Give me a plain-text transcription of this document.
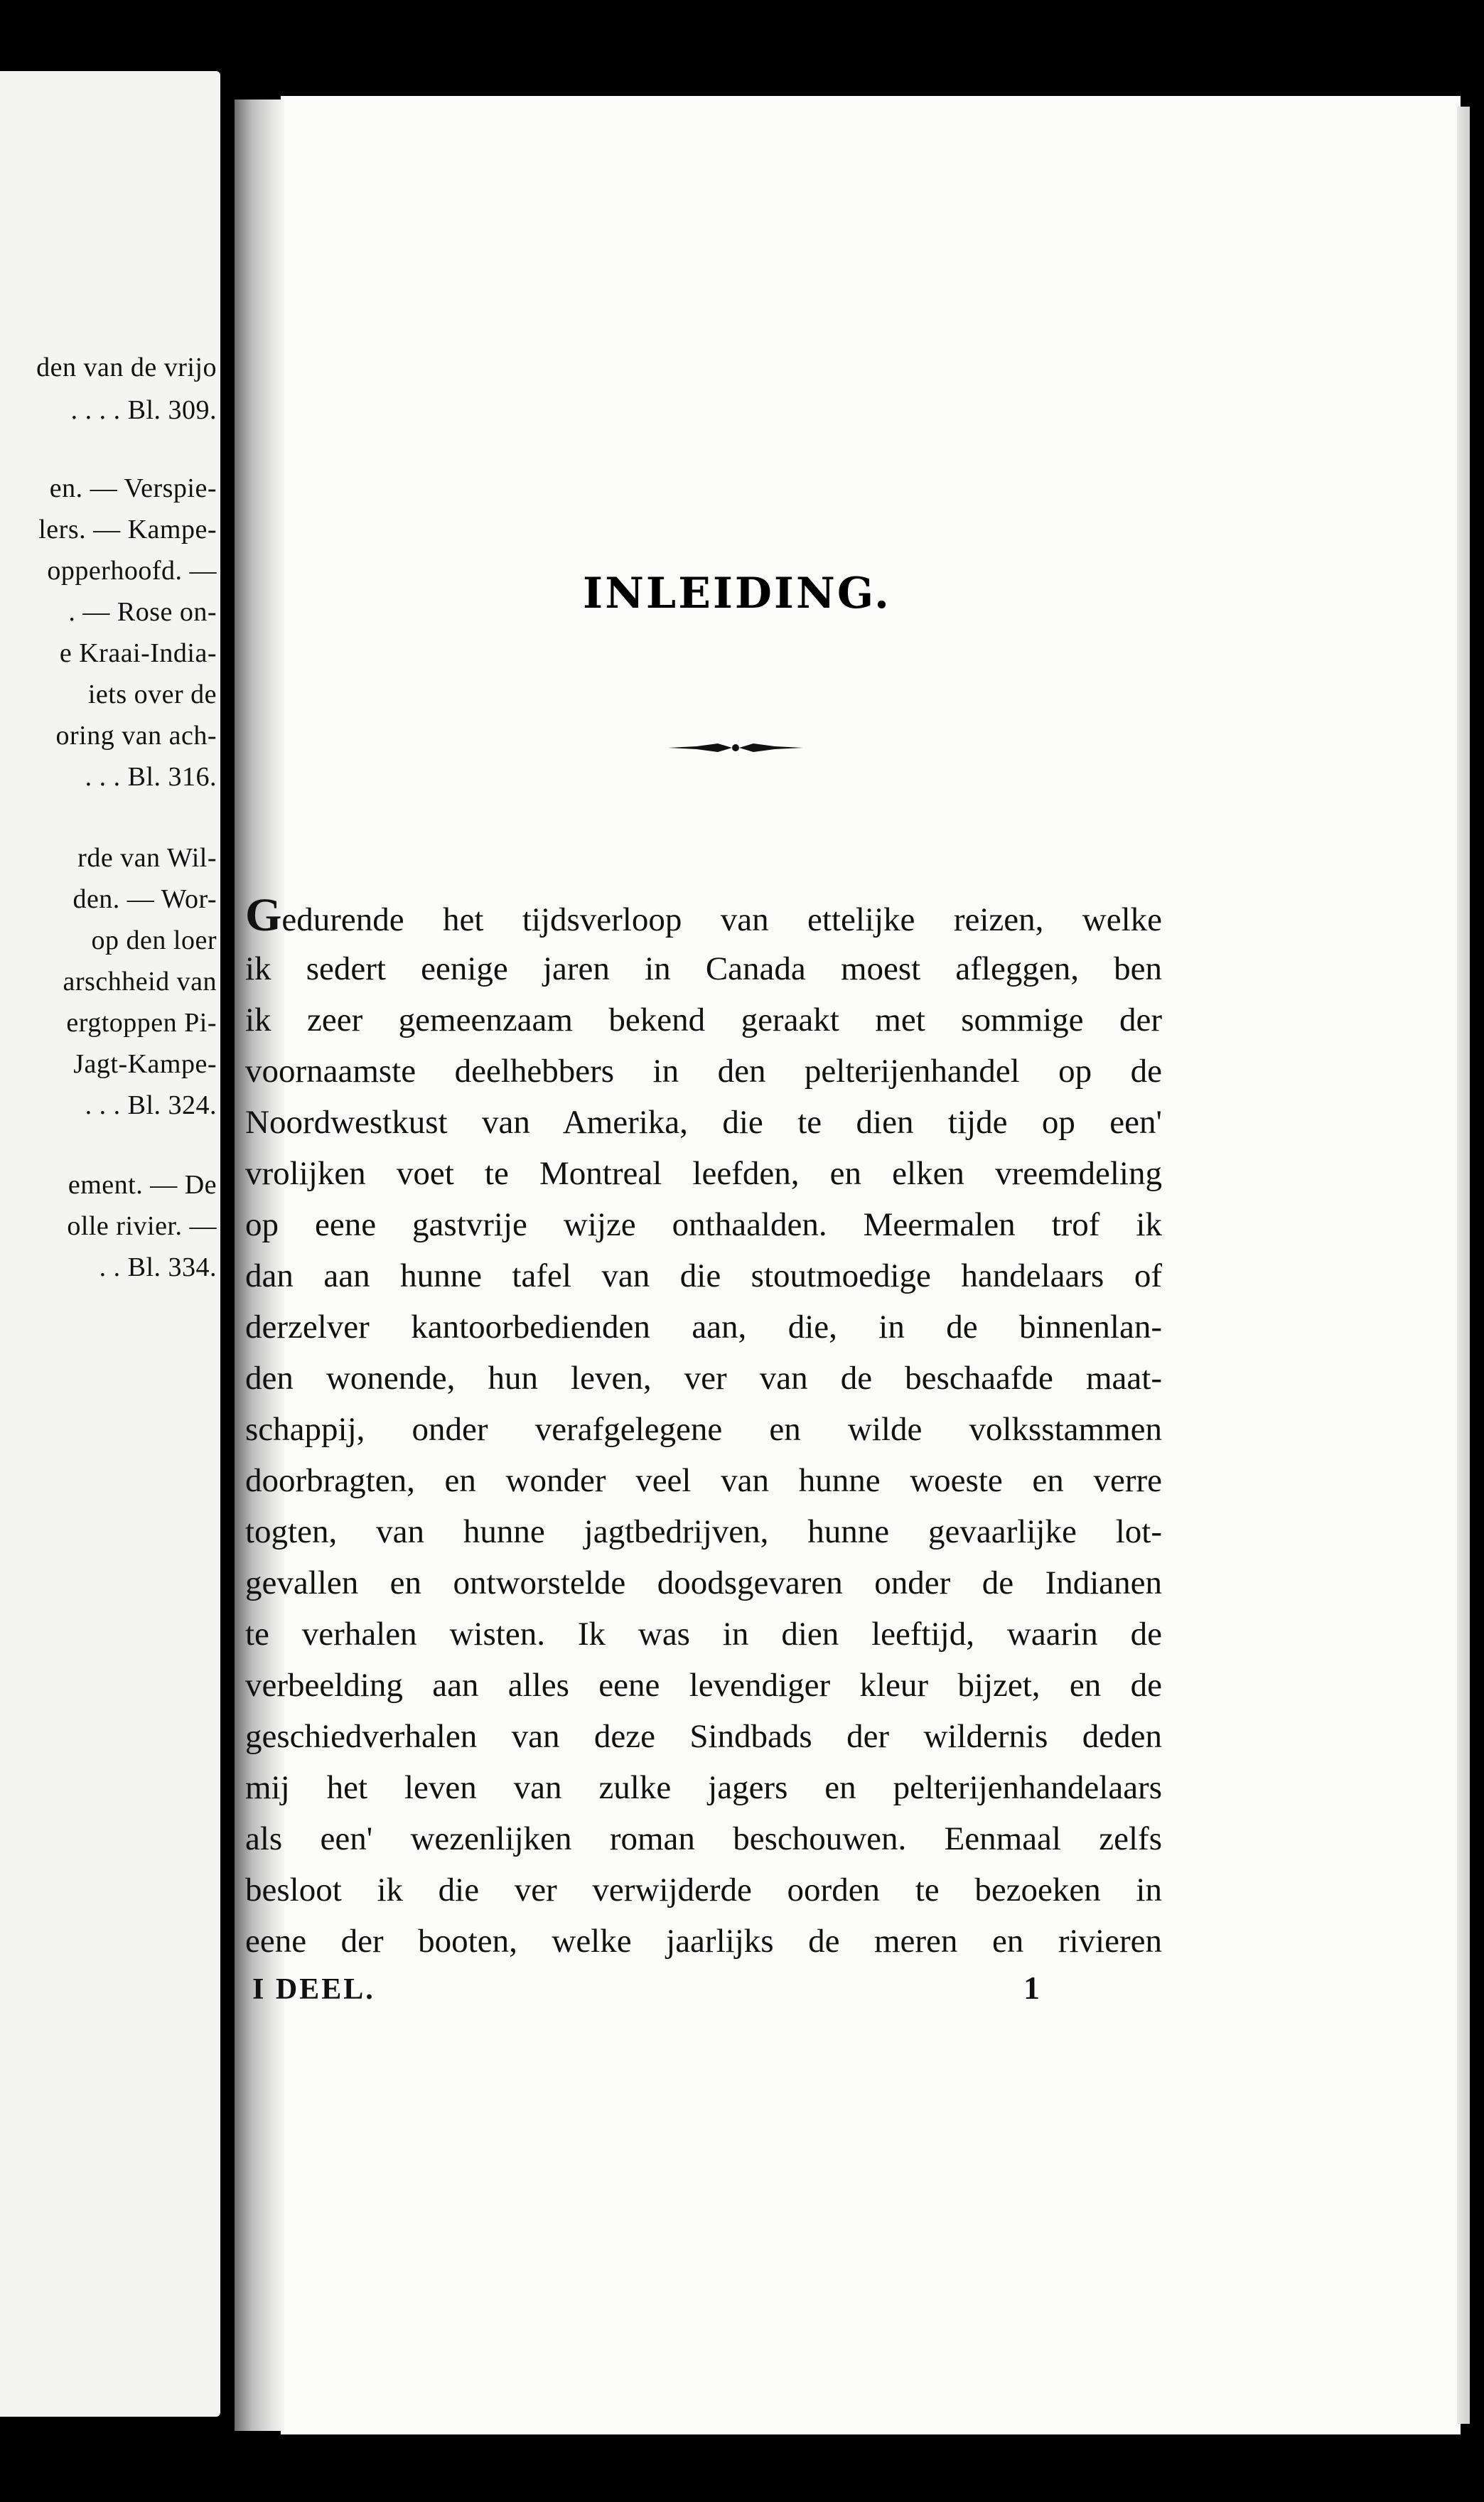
den van de vrijo
. . . . Bl. 309.
en. — Verspie-
lers. — Kampe-
opperhoofd. —
. — Rose on-
e Kraai-India-
iets over de
oring van ach-
. . . Bl. 316.
rde van Wil-
den. — Wor-
op den loer
arschheid van
ergtoppen Pi-
Jagt-Kampe-
. . . Bl. 324.
ement. — De
olle rivier. —
. . Bl. 334.
INLEIDING.
Gedurende het tijdsverloop van ettelijke reizen, welke
ik sedert eenige jaren in Canada moest afleggen, ben
ik zeer gemeenzaam bekend geraakt met sommige der
voornaamste deelhebbers in den pelterijenhandel op de
Noordwestkust van Amerika, die te dien tijde op een'
vrolijken voet te Montreal leefden, en elken vreemdeling
op eene gastvrije wijze onthaalden. Meermalen trof ik
dan aan hunne tafel van die stoutmoedige handelaars of
derzelver kantoorbedienden aan, die, in de binnenlan-
den wonende, hun leven, ver van de beschaafde maat-
schappij, onder verafgelegene en wilde volksstammen
doorbragten, en wonder veel van hunne woeste en verre
togten, van hunne jagtbedrijven, hunne gevaarlijke lot-
gevallen en ontworstelde doodsgevaren onder de Indianen
te verhalen wisten. Ik was in dien leeftijd, waarin de
verbeelding aan alles eene levendiger kleur bijzet, en de
geschiedverhalen van deze Sindbads der wildernis deden
mij het leven van zulke jagers en pelterijenhandelaars
als een' wezenlijken roman beschouwen. Eenmaal zelfs
besloot ik die ver verwijderde oorden te bezoeken in
eene der booten, welke jaarlijks de meren en rivieren
I DEEL.	1
